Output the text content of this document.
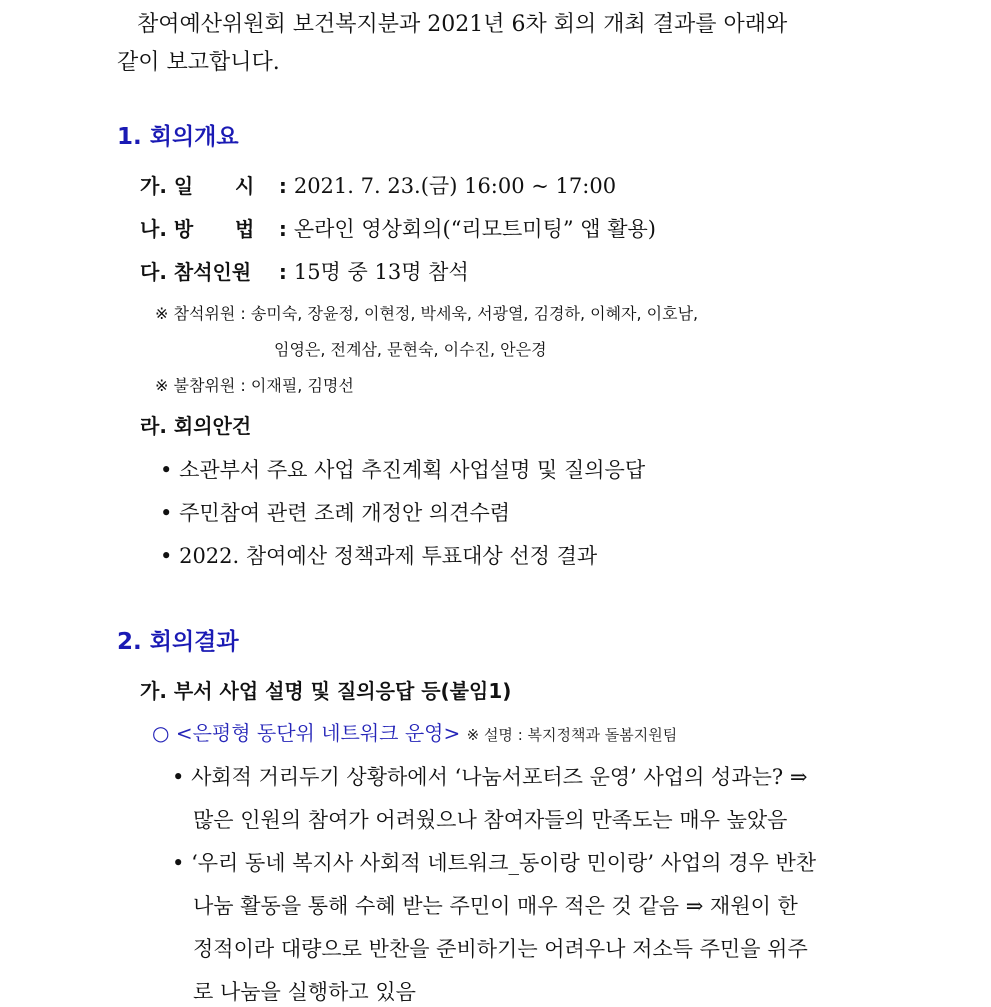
참여예산위원회 보건복지분과 2021년 6차 회의 개최 결과를 아래와
같이 보고합니다.
1. 회의개요
가. 일      시 : 2021. 7. 23.(금) 16:00 ~ 17:00
나. 방      법 : 온라인 영상회의(“리모트미팅” 앱 활용)
다. 참석인원 : 15명 중 13명 참석
※ 참석위원 : 송미숙, 장윤정, 이현정, 박세욱, 서광열, 김경하, 이혜자, 이호남,
임영은, 전계삼, 문현숙, 이수진, 안은경
※ 불참위원 : 이재필, 김명선
라. 회의안건
• 소관부서 주요 사업 추진계획 사업설명 및 질의응답
• 주민참여 관련 조례 개정안 의견수렴
• 2022. 참여예산 정책과제 투표대상 선정 결과
2. 회의결과
가. 부서 사업 설명 및 질의응답 등(붙임1)
○ <은평형 동단위 네트워크 운영> ※ 설명 : 복지정책과 돌봄지원팀
• 사회적 거리두기 상황하에서 ‘나눔서포터즈 운영’ 사업의 성과는? ⇒
많은 인원의 참여가 어려웠으나 참여자들의 만족도는 매우 높았음
• ‘우리 동네 복지사 사회적 네트워크_동이랑 민이랑’ 사업의 경우 반찬
나눔 활동을 통해 수혜 받는 주민이 매우 적은 것 같음 ⇒ 재원이 한
정적이라 대량으로 반찬을 준비하기는 어려우나 저소득 주민을 위주
로 나눔을 실행하고 있음
